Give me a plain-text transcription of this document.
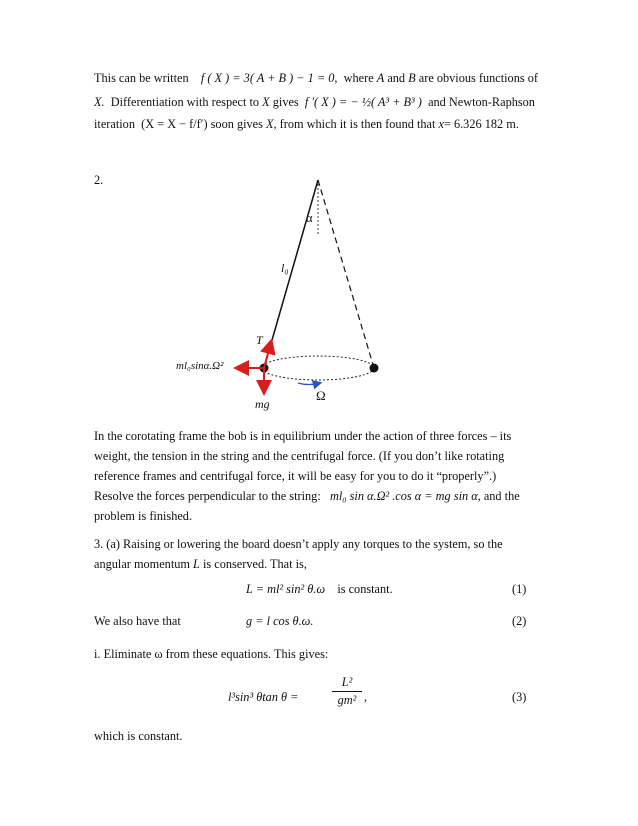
This can be written f ( X ) = 3( A + B ) − 1 = 0, where A and B are obvious functions of
X. Differentiation with respect to X gives f ′( X ) = − ½( A³ + B³ ) and Newton-Raphson
iteration (X = X − f/f′) soon gives X, from which it is then found that x= 6.326 182 m.
2.
α
l₀
T
ml₀sinα.Ω²
mg
Ω
In the corotating frame the bob is in equilibrium under the action of three forces – its
weight, the tension in the string and the centrifugal force. (If you don’t like rotating
reference frames and centrifugal force, it will be easy for you to do it “properly”.)
Resolve the forces perpendicular to the string: ml₀ sin α.Ω² .cos α = mg sin α, and the
problem is finished.
3. (a) Raising or lowering the board doesn’t apply any torques to the system, so the
angular momentum L is conserved. That is,
L = ml² sin² θ.ω is constant.	(1)
We also have that	g = l cos θ.ω.	(2)
i. Eliminate ω from these equations. This gives:
l³sin³ θtan θ =
L²
gm² ,	(3)
which is constant.
